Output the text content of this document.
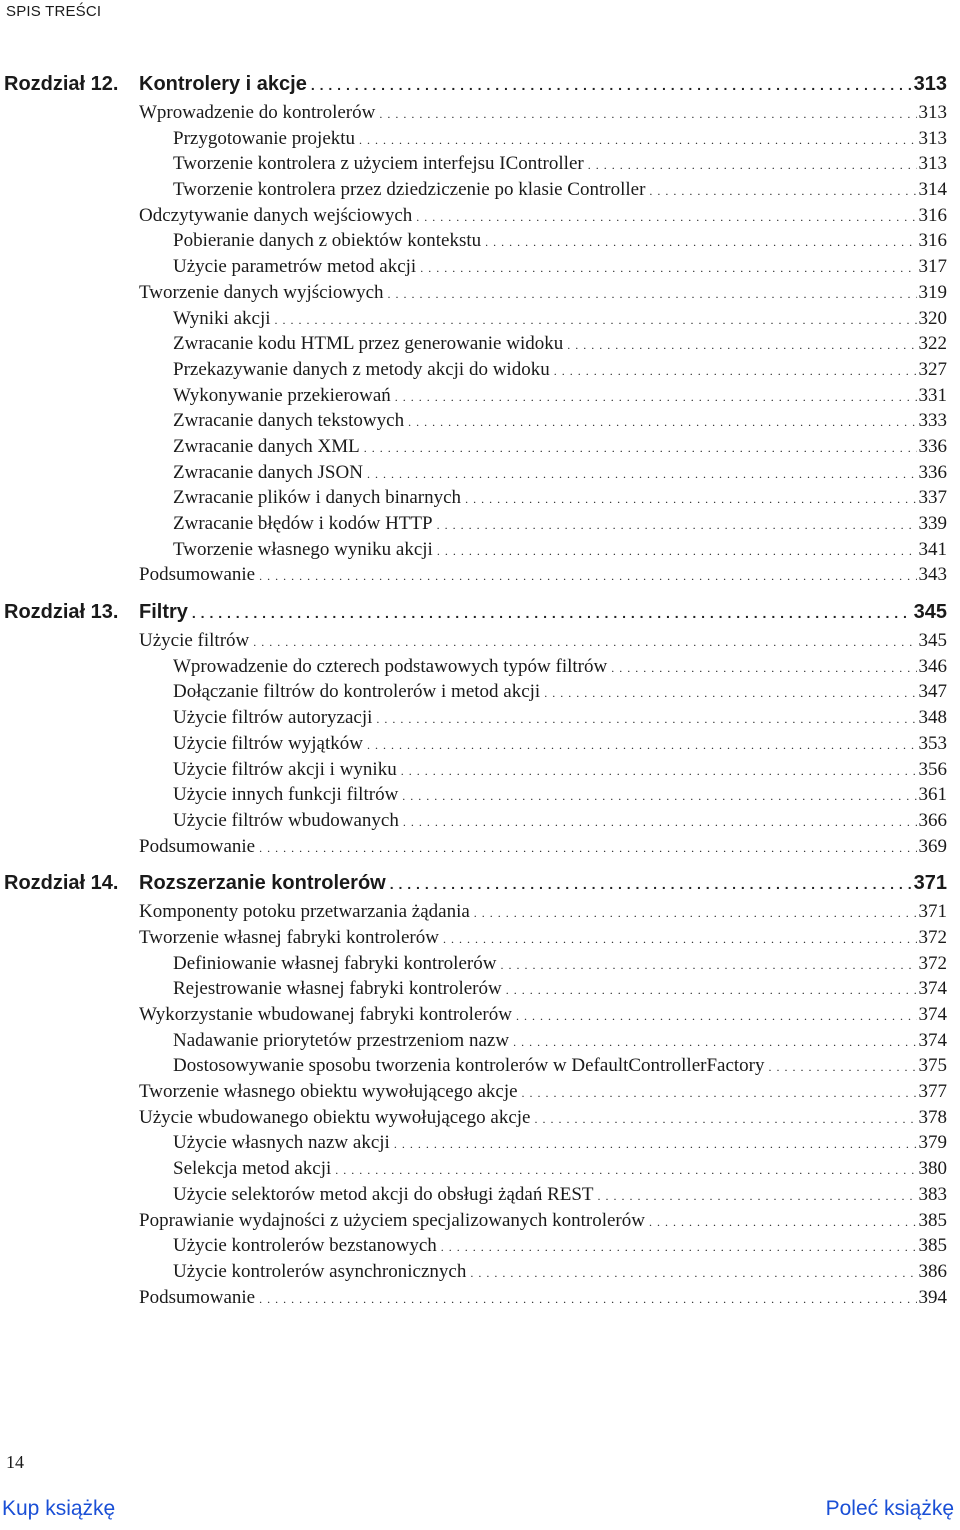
SPIS TREŚCI
Rozdział 12. Kontrolery i akcje . . .	313
Wprowadzenie do kontrolerów . . .	313
Przygotowanie projektu . . .	313
Tworzenie kontrolera z użyciem interfejsu IController . . .	313
Tworzenie kontrolera przez dziedziczenie po klasie Controller . . .	314
Odczytywanie danych wejściowych . . .	316
Pobieranie danych z obiektów kontekstu . . .	316
Użycie parametrów metod akcji . . .	317
Tworzenie danych wyjściowych . . .	319
Wyniki akcji . . .	320
Zwracanie kodu HTML przez generowanie widoku . . .	322
Przekazywanie danych z metody akcji do widoku . . .	327
Wykonywanie przekierowań . . .	331
Zwracanie danych tekstowych . . .	333
Zwracanie danych XML . . .	336
Zwracanie danych JSON . . .	336
Zwracanie plików i danych binarnych . . .	337
Zwracanie błędów i kodów HTTP . . .	339
Tworzenie własnego wyniku akcji . . .	341
Podsumowanie . . .	343
Rozdział 13. Filtry . . .	345
Użycie filtrów . . .	345
Wprowadzenie do czterech podstawowych typów filtrów . . .	346
Dołączanie filtrów do kontrolerów i metod akcji . . .	347
Użycie filtrów autoryzacji . . .	348
Użycie filtrów wyjątków . . .	353
Użycie filtrów akcji i wyniku . . .	356
Użycie innych funkcji filtrów . . .	361
Użycie filtrów wbudowanych . . .	366
Podsumowanie . . .	369
Rozdział 14. Rozszerzanie kontrolerów . . .	371
Komponenty potoku przetwarzania żądania . . .	371
Tworzenie własnej fabryki kontrolerów . . .	372
Definiowanie własnej fabryki kontrolerów . . .	372
Rejestrowanie własnej fabryki kontrolerów . . .	374
Wykorzystanie wbudowanej fabryki kontrolerów . . .	374
Nadawanie priorytetów przestrzeniom nazw . . .	374
Dostosowywanie sposobu tworzenia kontrolerów w DefaultControllerFactory . . .	375
Tworzenie własnego obiektu wywołującego akcje . . .	377
Użycie wbudowanego obiektu wywołującego akcje . . .	378
Użycie własnych nazw akcji . . .	379
Selekcja metod akcji . . .	380
Użycie selektorów metod akcji do obsługi żądań REST . . .	383
Poprawianie wydajności z użyciem specjalizowanych kontrolerów . . .	385
Użycie kontrolerów bezstanowych . . .	385
Użycie kontrolerów asynchronicznych . . .	386
Podsumowanie . . .	394
14
Kup książkę	Poleć książkę
